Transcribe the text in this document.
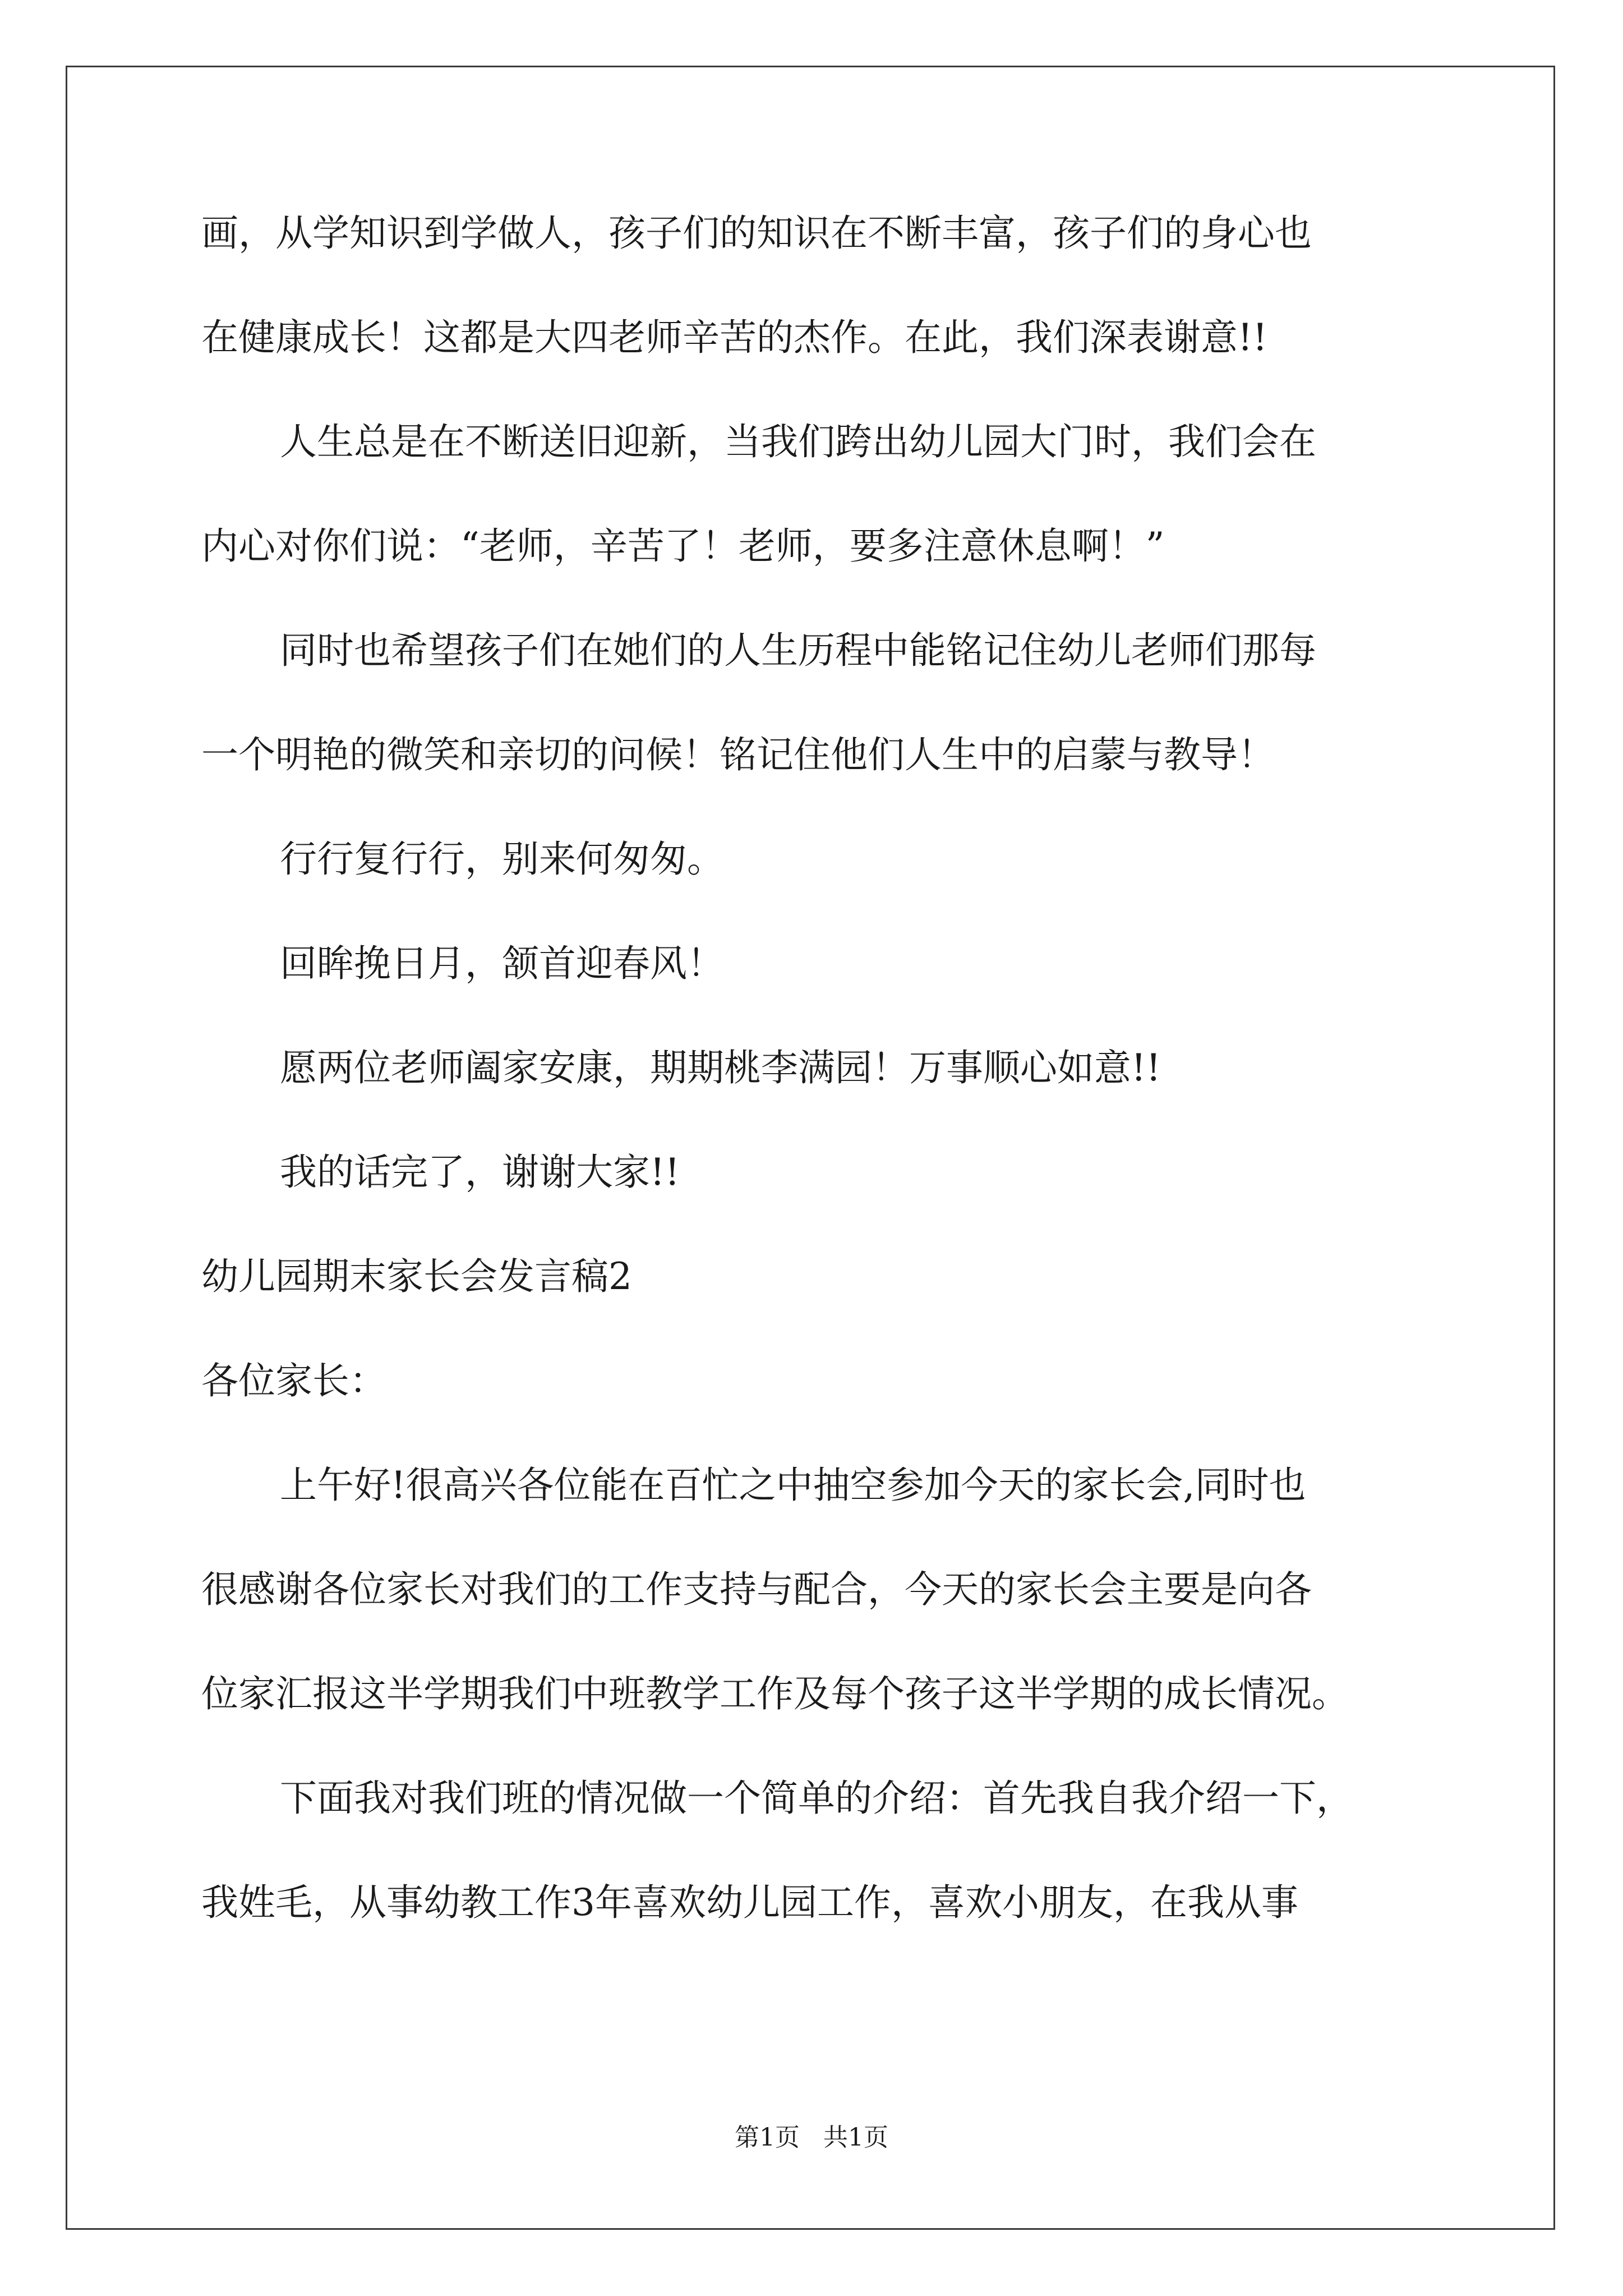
画，从学知识到学做人，孩子们的知识在不断丰富，孩子们的身心也

在健康成长！这都是大四老师辛苦的杰作。在此，我们深表谢意!!

人生总是在不断送旧迎新，当我们跨出幼儿园大门时，我们会在

内心对你们说：“老师，辛苦了！老师，要多注意休息啊！”

同时也希望孩子们在她们的人生历程中能铭记住幼儿老师们那每

一个明艳的微笑和亲切的问候！铭记住他们人生中的启蒙与教导！

行行复行行，别来何匆匆。

回眸挽日月，颔首迎春风！

愿两位老师阖家安康，期期桃李满园！万事顺心如意!!

我的话完了，谢谢大家!!

幼儿园期末家长会发言稿2

各位家长：

上午好!很高兴各位能在百忙之中抽空参加今天的家长会,同时也

很感谢各位家长对我们的工作支持与配合，今天的家长会主要是向各

位家汇报这半学期我们中班教学工作及每个孩子这半学期的成长情况。

下面我对我们班的情况做一个简单的介绍：首先我自我介绍一下，

我姓毛，从事幼教工作3年喜欢幼儿园工作，喜欢小朋友，在我从事

第1页   共1页
